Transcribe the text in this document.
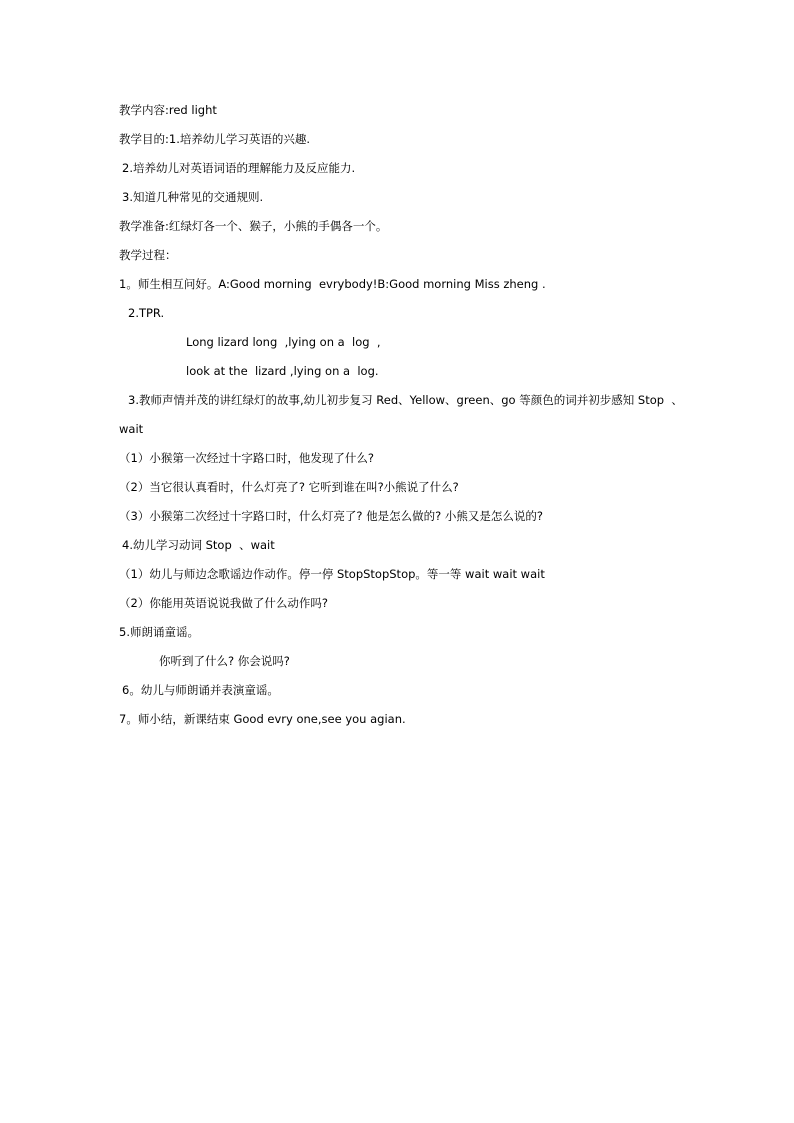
教学内容:red light
教学目的:1.培养幼儿学习英语的兴趣.
2.培养幼儿对英语词语的理解能力及反应能力.
3.知道几种常见的交通规则.
教学准备:红绿灯各一个、猴子，小熊的手偶各一个。
教学过程：
1。师生相互问好。A:Good morning  evrybody!B:Good morning Miss zheng .
2.TPR.
Long lizard long  ,lying on a  log  ,
look at the  lizard ,lying on a  log.
3.教师声情并茂的讲红绿灯的故事,幼儿初步复习 Red、Yellow、green、go 等颜色的词并初步感知 Stop  、
wait
（1）小猴第一次经过十字路口时，他发现了什么?
（2）当它很认真看时，什么灯亮了? 它听到谁在叫?小熊说了什么?
（3）小猴第二次经过十字路口时，什么灯亮了? 他是怎么做的? 小熊又是怎么说的?
4.幼儿学习动词 Stop  、wait
（1）幼儿与师边念歌谣边作动作。停一停 StopStopStop。等一等 wait wait wait
（2）你能用英语说说我做了什么动作吗?
5.师朗诵童谣。
你听到了什么? 你会说吗?
6。幼儿与师朗诵并表演童谣。
7。师小结，新课结束 Good evry one,see you agian.
